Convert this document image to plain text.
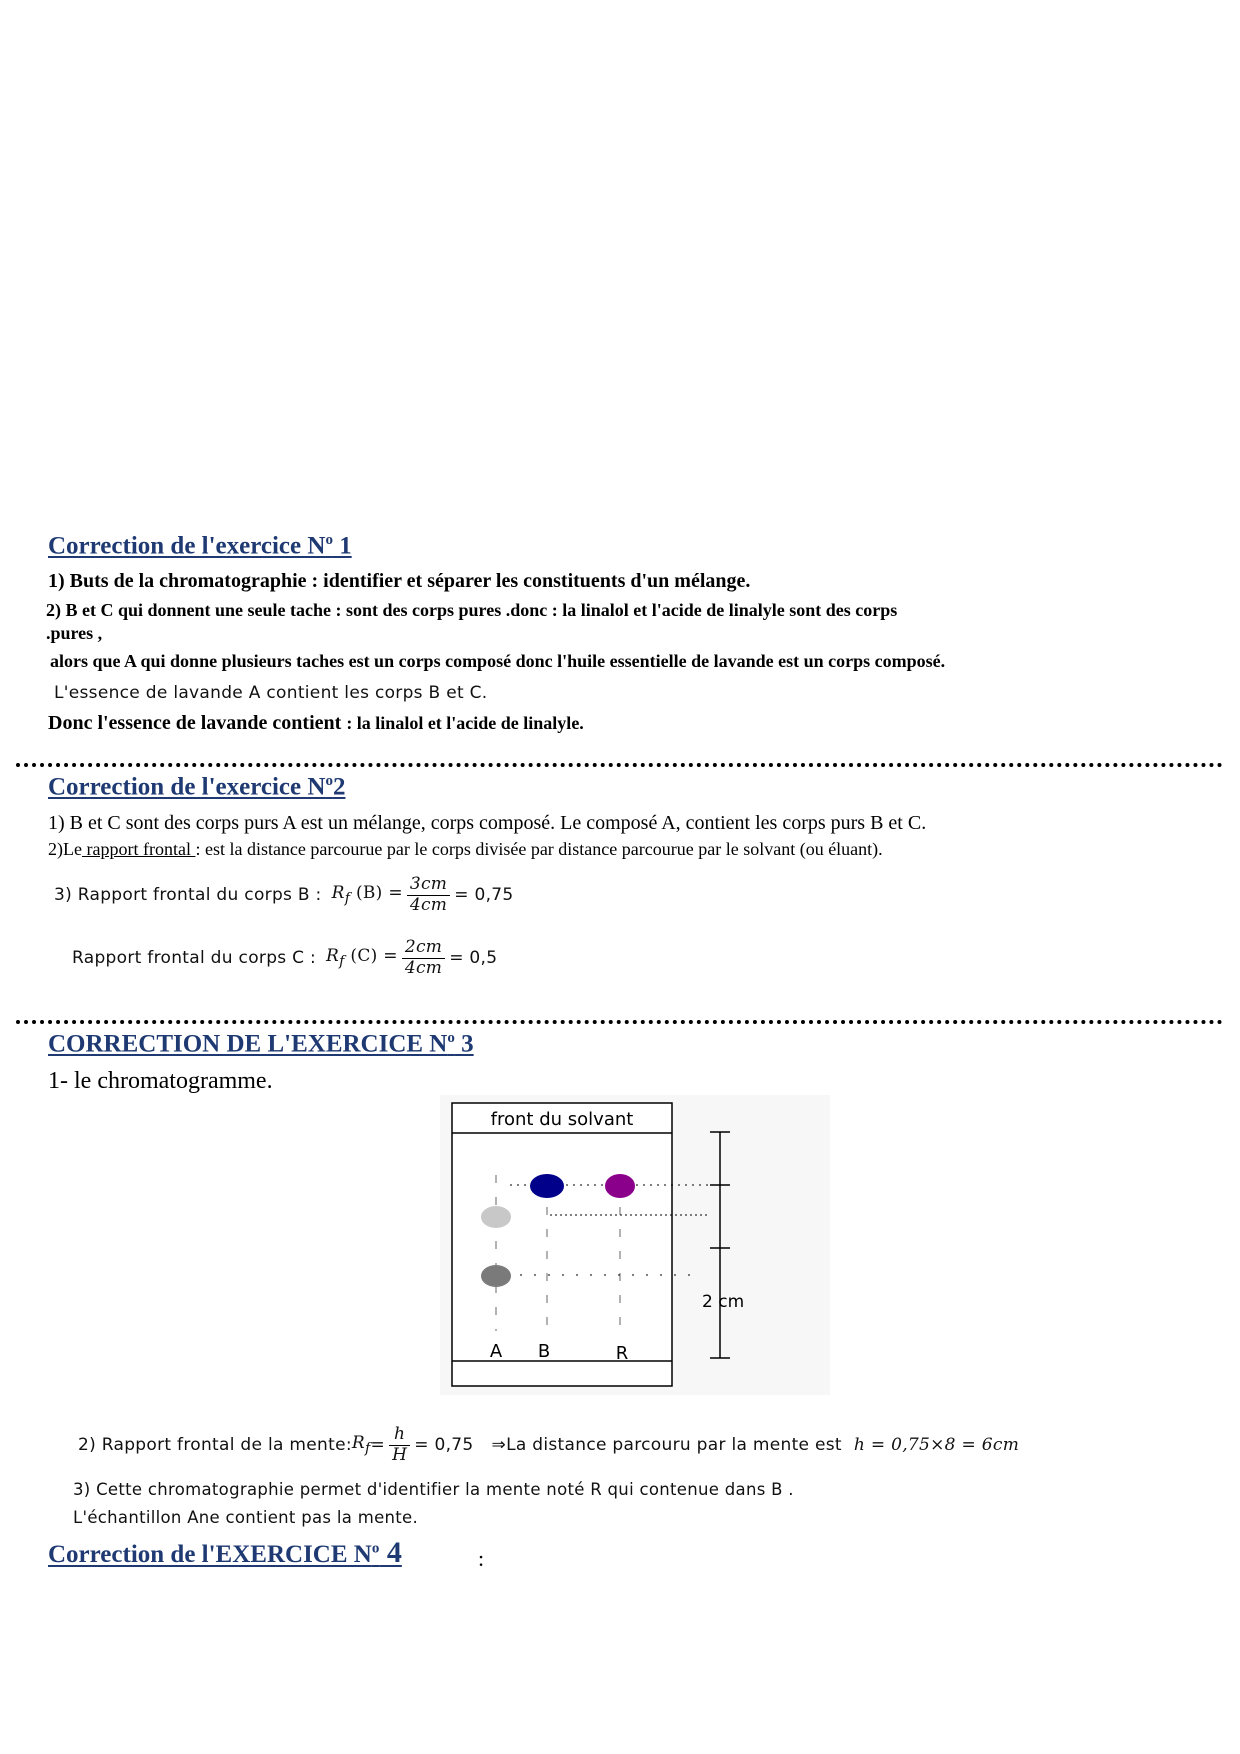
Correction de l'exercice $N^o$ 1
1) Buts de la chromatographie : identifier et séparer les constituents d'un mélange.
2) B et C qui donnent une seule tache : sont des corps pures .donc : la linalol et l'acide de linalyle sont des corps
.pures ,
alors que A qui donne plusieurs taches est un corps composé donc l'huile essentielle de lavande est un corps composé.
L'essence de lavande A contient les corps B et C.
Donc l'essence de lavande contient : la linalol et l'acide de linalyle.
Correction de l'exercice $N^o2$
1) B et C sont des corps purs A est un mélange, corps composé. Le composé A, contient les corps purs B et C.
2)Le rapport frontal : est la distance parcourue par le corps divisée par distance parcourue par le solvant (ou éluant).
3) Rapport frontal du corps B : $R_f$ $(B) = \frac{3cm}{4cm} = 0,75$
Rapport frontal du corps C : $R_f$ $(C) = \frac{2cm}{4cm} = 0,5$
CORRECTION DE L'EXERCICE $N^o$ 3
1- le chromatogramme.
front du solvant
A B	R
2 cm
2) Rapport frontal de la mente: $R_f = \frac{h}{H} = 0,75$ ⇒ La distance parcouru par la mente est h = 0,75×8 = 6cm
3) Cette chromatographie permet d'identifier la mente noté R qui contenue dans B .
L'échantillon Ane contient pas la mente.
Correction de l'EXERCICE $N^o$ 4	:
